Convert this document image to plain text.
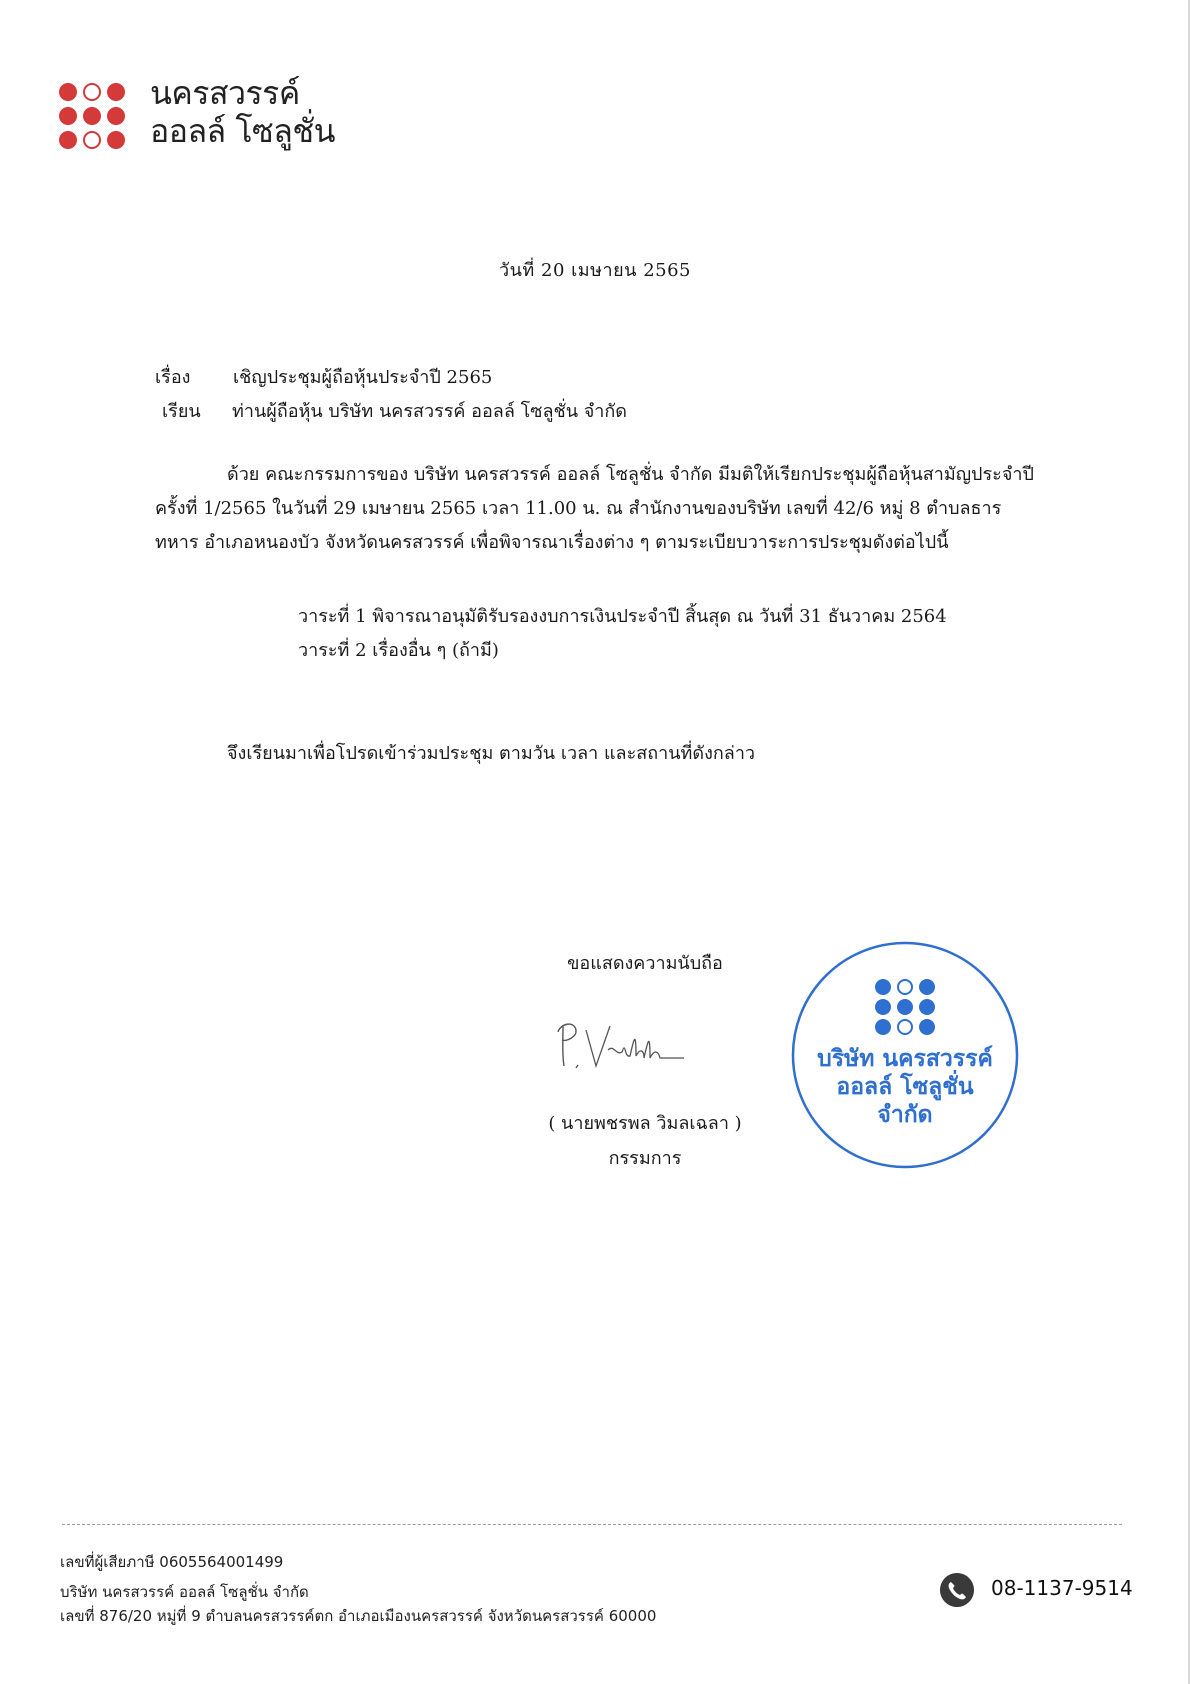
นครสวรรค์
ออลล์ โซลูชั่น
วันที่ 20 เมษายน 2565
เรื่อง เชิญประชุมผู้ถือหุ้นประจำปี 2565
เรียน ท่านผู้ถือหุ้น บริษัท นครสวรรค์ ออลล์ โซลูชั่น จำกัด
ด้วย คณะกรรมการของ บริษัท นครสวรรค์ ออลล์ โซลูชั่น จำกัด มีมติให้เรียกประชุมผู้ถือหุ้นสามัญประจำปี
ครั้งที่ 1/2565 ในวันที่ 29 เมษายน 2565 เวลา 11.00 น. ณ สำนักงานของบริษัท เลขที่ 42/6 หมู่ 8 ตำบลธาร
ทหาร อำเภอหนองบัว จังหวัดนครสวรรค์ เพื่อพิจารณาเรื่องต่าง ๆ ตามระเบียบวาระการประชุมดังต่อไปนี้
วาระที่ 1 พิจารณาอนุมัติรับรองงบการเงินประจำปี สิ้นสุด ณ วันที่ 31 ธันวาคม 2564
วาระที่ 2 เรื่องอื่น ๆ (ถ้ามี)
จึงเรียนมาเพื่อโปรดเข้าร่วมประชุม ตามวัน เวลา และสถานที่ดังกล่าว
ขอแสดงความนับถือ
( นายพชรพล วิมลเฉลา )
กรรมการ
บริษัท นครสวรรค์
ออลล์ โซลูชั่น
จำกัด
เลขที่ผู้เสียภาษี 0605564001499
บริษัท นครสวรรค์ ออลล์ โซลูชั่น จำกัด
เลขที่ 876/20 หมู่ที่ 9 ตำบลนครสวรรค์ตก อำเภอเมืองนครสวรรค์ จังหวัดนครสวรรค์ 60000
08-1137-9514
